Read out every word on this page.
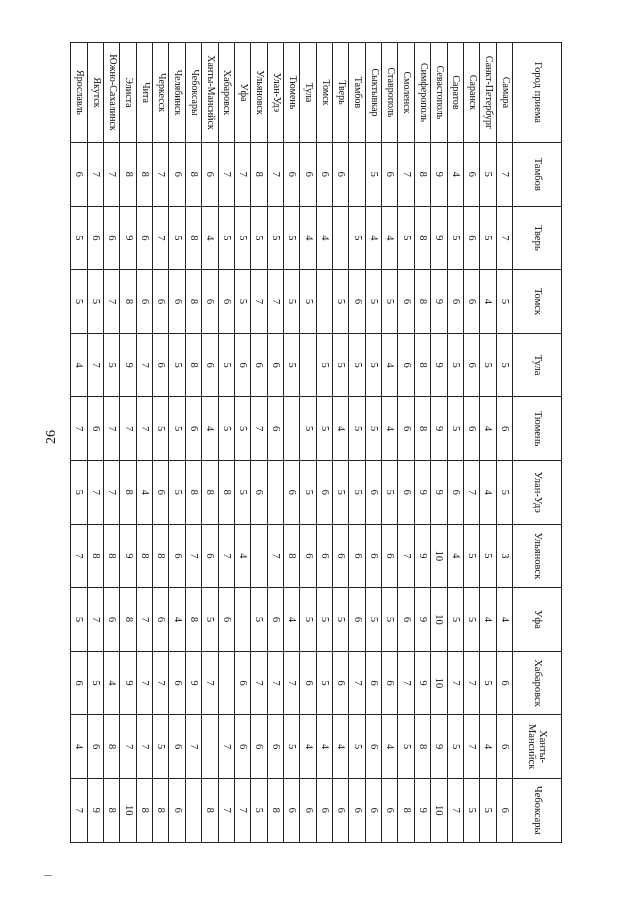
26
Город приема	Тамбов	Тверь	Томск	Тула	Тюмень	Улан-Удэ	Ульяновск	Уфа	Хабаровск	Ханты-Мансийск	Чебоксары
Самара	7	7	5	5	6	5	3	4	6	6	6
Санкт-Петербург	5	5	4	5	4	4	5	4	5	4	5
Саранск	6	6	6	6	6	7	5	5	7	7	5
Саратов	4	5	6	5	5	6	4	5	7	5	7
Севастополь	9	9	9	9	9	9	10	10	10	9	10
Симферополь	8	8	8	8	8	9	9	9	9	8	9
Смоленск	7	5	6	6	6	6	7	6	7	5	8
Ставрополь	6	4	5	4	4	5	6	5	6	4	6
Сыктывкар	5	4	5	5	5	6	6	5	6	6	6
Тамбов		5	6	5	5	5	6	6	7	5	6
Тверь	6		5	5	4	5	6	5	6	4	6
Томск	6	4		5	5	6	6	5	5	4	6
Тула	6	4	5		5	5	6	5	6	4	6
Тюмень	6	5	5	5		6	8	4	7	5	6
Улан-Удэ	7	5	7	6	6		7	6	7	6	8
Ульяновск	8	5	7	6	7	6		5	7	6	5
Уфа	7	5	5	6	5	5	4		6	6	7
Хабаровск	7	5	6	5	5	8	7	6		7	7
Ханты-Мансийск	6	4	6	6	4	8	6	5	7		8
Чебоксары	8	8	8	8	6	8	7	8	9	7	
Челябинск	6	5	6	5	5	5	6	4	6	6	6
Черкесск	7	7	6	6	5	6	8	6	7	5	8
Чита	8	6	6	7	7	4	8	7	7	7	8
Элиста	8	9	8	9	7	8	9	8	9	7	10
Южно-Сахалинск	7	6	7	5	7	7	8	6	4	8	8
Якутск	7	6	5	7	6	7	8	7	5	6	9
Ярославль	6	5	5	4	7	5	7	5	6	4	7
